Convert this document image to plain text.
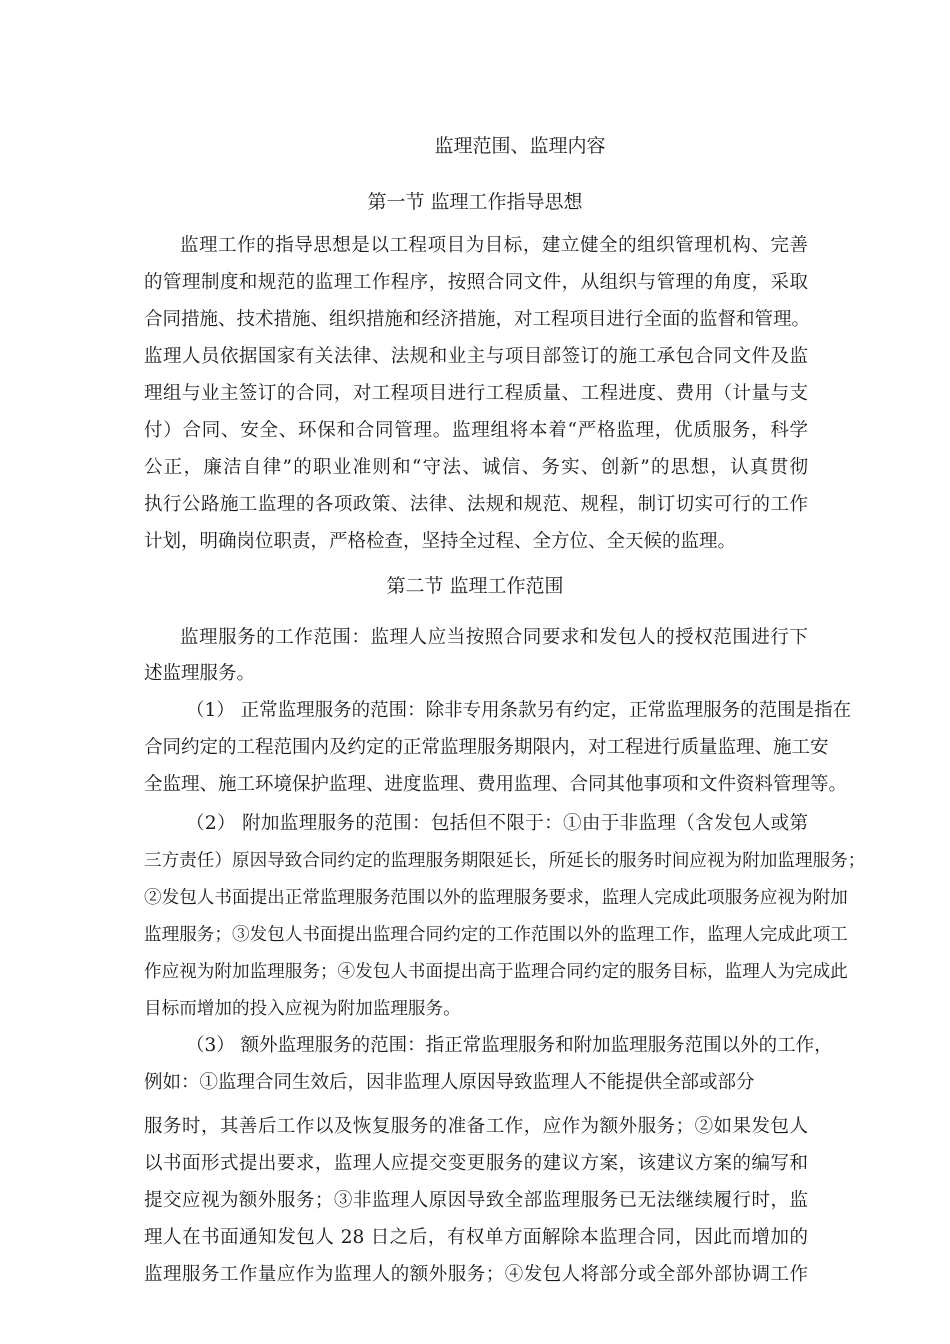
监理范围、监理内容
第一节 监理工作指导思想
监理工作的指导思想是以工程项目为目标，建立健全的组织管理机构、完善
的管理制度和规范的监理工作程序，按照合同文件，从组织与管理的角度，采取
合同措施、技术措施、组织措施和经济措施，对工程项目进行全面的监督和管理。
监理人员依据国家有关法律、法规和业主与项目部签订的施工承包合同文件及监
理组与业主签订的合同，对工程项目进行工程质量、工程进度、费用（计量与支
付）合同、安全、环保和合同管理。监理组将本着“严格监理，优质服务，科学
公正，廉洁自律”的职业准则和“守法、诚信、务实、创新”的思想，认真贯彻
执行公路施工监理的各项政策、法律、法规和规范、规程，制订切实可行的工作
计划，明确岗位职责，严格检查，坚持全过程、全方位、全天候的监理。
第二节 监理工作范围
监理服务的工作范围：监理人应当按照合同要求和发包人的授权范围进行下
述监理服务。
（1） 正常监理服务的范围：除非专用条款另有约定，正常监理服务的范围是指在
合同约定的工程范围内及约定的正常监理服务期限内，对工程进行质量监理、施工安
全监理、施工环境保护监理、进度监理、费用监理、合同其他事项和文件资料管理等。
（2） 附加监理服务的范围：包括但不限于：①由于非监理（含发包人或第
三方责任）原因导致合同约定的监理服务期限延长，所延长的服务时间应视为附加监理服务；
②发包人书面提出正常监理服务范围以外的监理服务要求，监理人完成此项服务应视为附加
监理服务；③发包人书面提出监理合同约定的工作范围以外的监理工作，监理人完成此项工
作应视为附加监理服务；④发包人书面提出高于监理合同约定的服务目标，监理人为完成此
目标而增加的投入应视为附加监理服务。
（3） 额外监理服务的范围：指正常监理服务和附加监理服务范围以外的工作，
例如：①监理合同生效后，因非监理人原因导致监理人不能提供全部或部分
服务时，其善后工作以及恢复服务的准备工作，应作为额外服务；②如果发包人
以书面形式提出要求，监理人应提交变更服务的建议方案，该建议方案的编写和
提交应视为额外服务；③非监理人原因导致全部监理服务已无法继续履行时，监
理人在书面通知发包人 28 日之后，有权单方面解除本监理合同，因此而增加的
监理服务工作量应作为监理人的额外服务；④发包人将部分或全部外部协调工作
